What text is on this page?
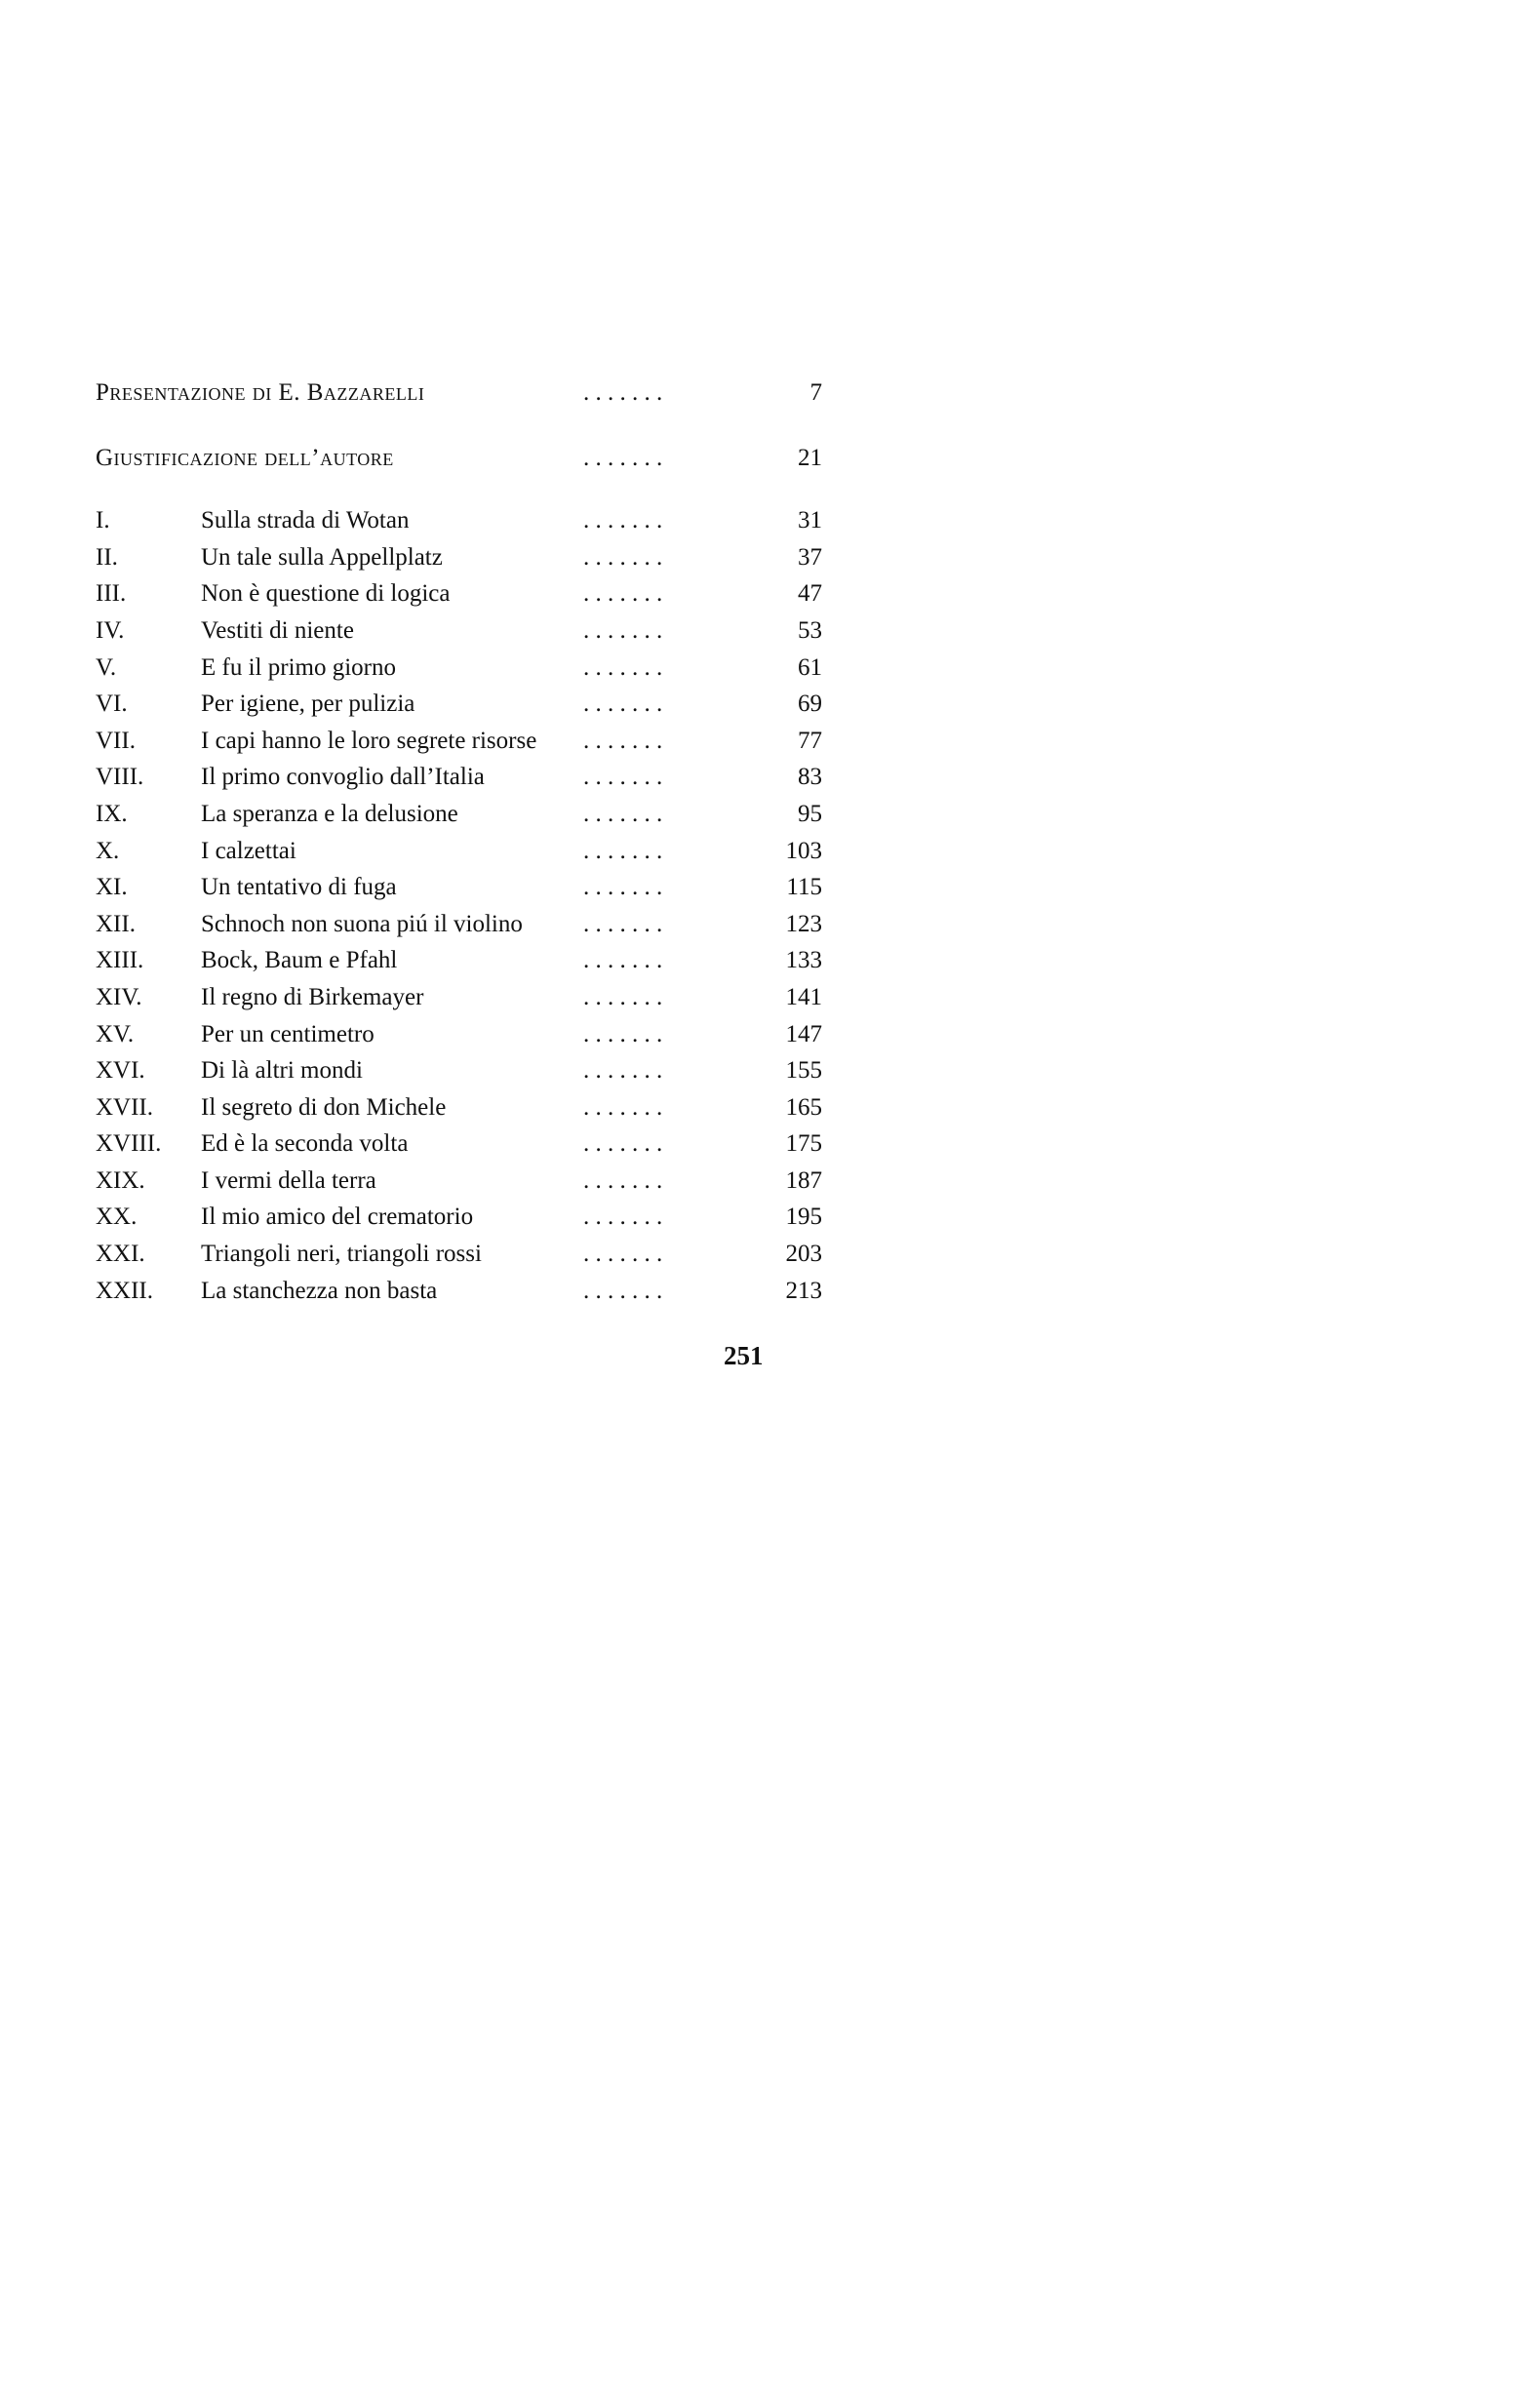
Presentazione di E. Bazzarelli	. . . . . . .	7
Giustificazione dell’autore	. . . . . . .	21
I.	Sulla strada di Wotan	. . . . . . .	31
II.	Un tale sulla Appellplatz	. . . . . . .	37
III.	Non è questione di logica	. . . . . . .	47
IV.	Vestiti di niente	. . . . . . .	53
V.	E fu il primo giorno	. . . . . . .	61
VI.	Per igiene, per pulizia	. . . . . . .	69
VII.	I capi hanno le loro segrete risorse . . . . . . .	77
VIII. Il primo convoglio dall’Italia	. . . . . . .	83
IX.	La speranza e la delusione	. . . . . . .	95
X.	I calzettai	. . . . . . .	103
XI.	Un tentativo di fuga	. . . . . . .	115
XII.	Schnoch non suona piú il violino . . . . . . .	123
XIII. Bock, Baum e Pfahl	. . . . . . .	133
XIV. Il regno di Birkemayer	. . . . . . .	141
XV.	Per un centimetro	. . . . . . .	147
XVI. Di là altri mondi	. . . . . . .	155
XVII. Il segreto di don Michele	. . . . . . .	165
XVIII. Ed è la seconda volta	. . . . . . .	175
XIX. I vermi della terra	. . . . . . .	187
XX.	Il mio amico del crematorio	. . . . . . .	195
XXI. Triangoli neri, triangoli rossi	. . . . . . .	203
XXII. La stanchezza non basta	. . . . . . .	213
251
